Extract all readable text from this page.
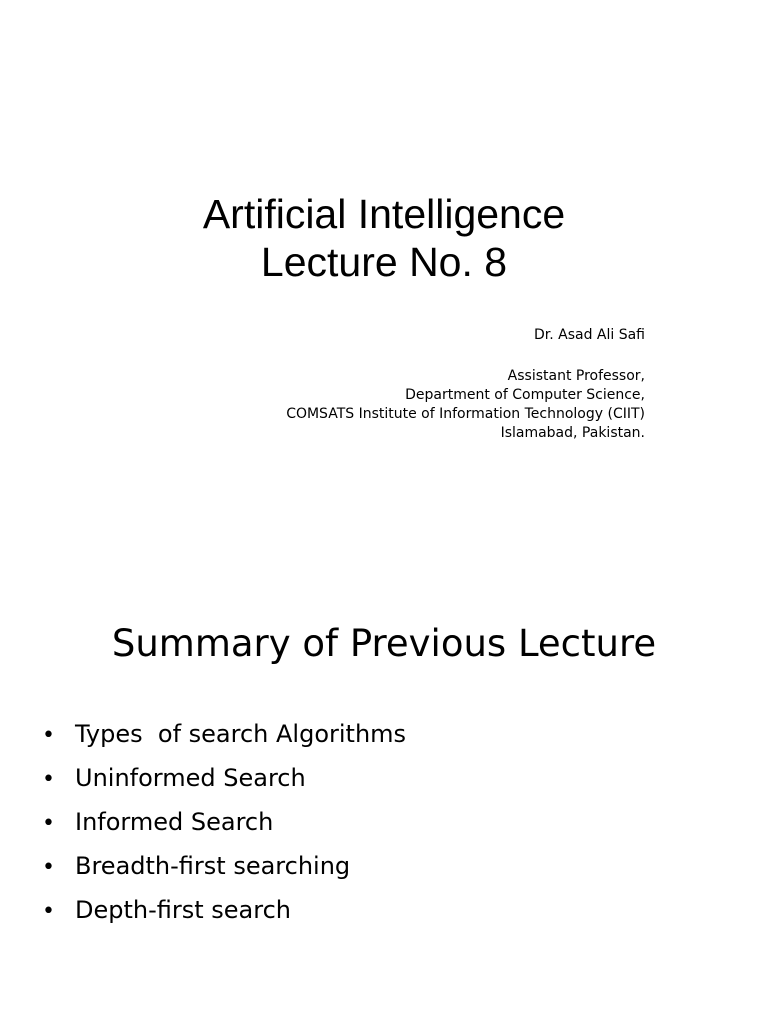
Artificial Intelligence
Lecture No. 8
Dr. Asad Ali Safi
Assistant Professor,
Department of Computer Science,
COMSATS Institute of Information Technology (CIIT)
Islamabad, Pakistan.
Summary of Previous Lecture
• Types  of search Algorithms
• Uninformed Search
• Informed Search
• Breadth-first searching
• Depth-first search
